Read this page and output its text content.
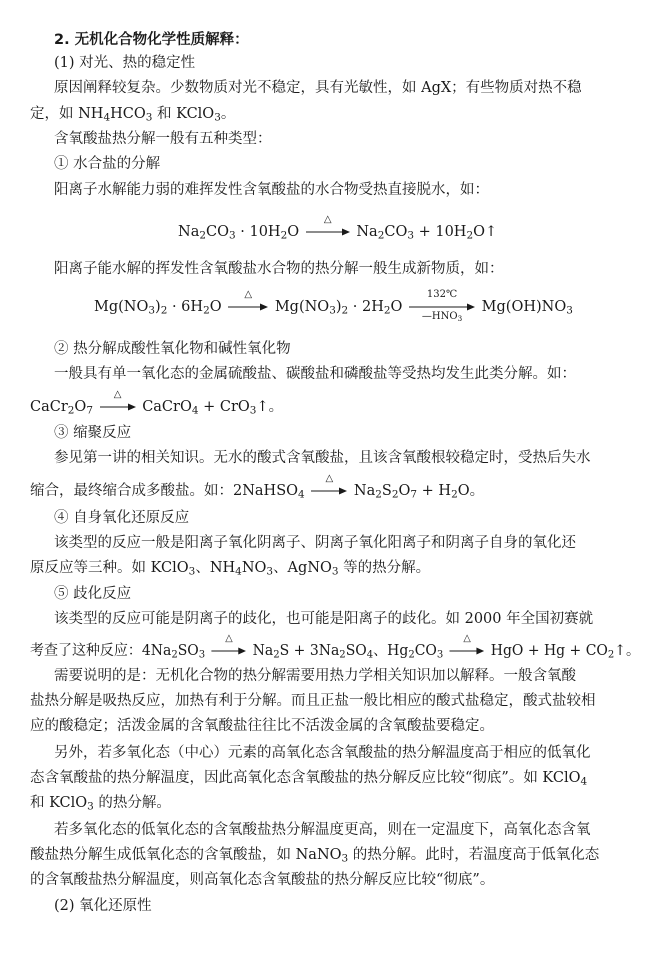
2. 无机化合物化学性质解释：
(1) 对光、热的稳定性
原因阐释较复杂。少数物质对光不稳定，具有光敏性，如 AgX；有些物质对热不稳
定，如 $NH_4HCO_3$ 和 KClO$_3$。
含氧酸盐热分解一般有五种类型：
① 水合盐的分解
阳离子水解能力弱的难挥发性含氧酸盐的水合物受热直接脱水，如：
$Na_2CO_3 \cdot 10H_2O$
△
$Na_2CO_3$ + $10H_2O↑$
阳离子能水解的挥发性含氧酸盐水合物的热分解一般生成新物质，如：
$Mg(NO_3)_2 \cdot 6H_2O$
△
$Mg(NO_3)_2 \cdot 2H_2O$
132℃
$—HNO_3$
$Mg(OH)NO_3$
② 热分解成酸性氧化物和碱性氧化物
一般具有单一氧化态的金属硫酸盐、碳酸盐和磷酸盐等受热均发生此类分解。如：
$CaCr_2O_7$
△
CaCrO$_4$ + CrO$_3$↑。
③ 缩聚反应
参见第一讲的相关知识。无水的酸式含氧酸盐，且该含氧酸根较稳定时，受热后失水
缩合，最终缩合成多酸盐。如：2NaHSO$_4$
△
$Na_2S_2O_7 + H_2O$。
④ 自身氧化还原反应
该类型的反应一般是阳离子氧化阴离子、阴离子氧化阳离子和阴离子自身的氧化还
原反应等三种。如 KClO$_3$、$NH_4NO_3$、AgNO$_3$ 等的热分解。
⑤ 歧化反应
该类型的反应可能是阴离子的歧化，也可能是阳离子的歧化。如 2000 年全国初赛就
考查了这种反应：$4Na_2SO_3$
△
$Na_2S + 3Na_2SO_4$、$Hg_2CO_3$
△
HgO + $Hg + CO_2↑$。
需要说明的是：无机化合物的热分解需要用热力学相关知识加以解释。一般含氧酸
盐热分解是吸热反应，加热有利于分解。而且正盐一般比相应的酸式盐稳定，酸式盐较相
应的酸稳定；活泼金属的含氧酸盐往往比不活泼金属的含氧酸盐要稳定。
另外，若多氧化态（中心）元素的高氧化态含氧酸盐的热分解温度高于相应的低氧化
态含氧酸盐的热分解温度，因此高氧化态含氧酸盐的热分解反应比较“彻底”。如 KClO$_4$
和 KClO$_3$ 的热分解。
若多氧化态的低氧化态的含氧酸盐热分解温度更高，则在一定温度下，高氧化态含氧
酸盐热分解生成低氧化态的含氧酸盐，如 NaNO$_3$ 的热分解。此时，若温度高于低氧化态
的含氧酸盐热分解温度，则高氧化态含氧酸盐的热分解反应比较“彻底”。
(2) 氧化还原性
